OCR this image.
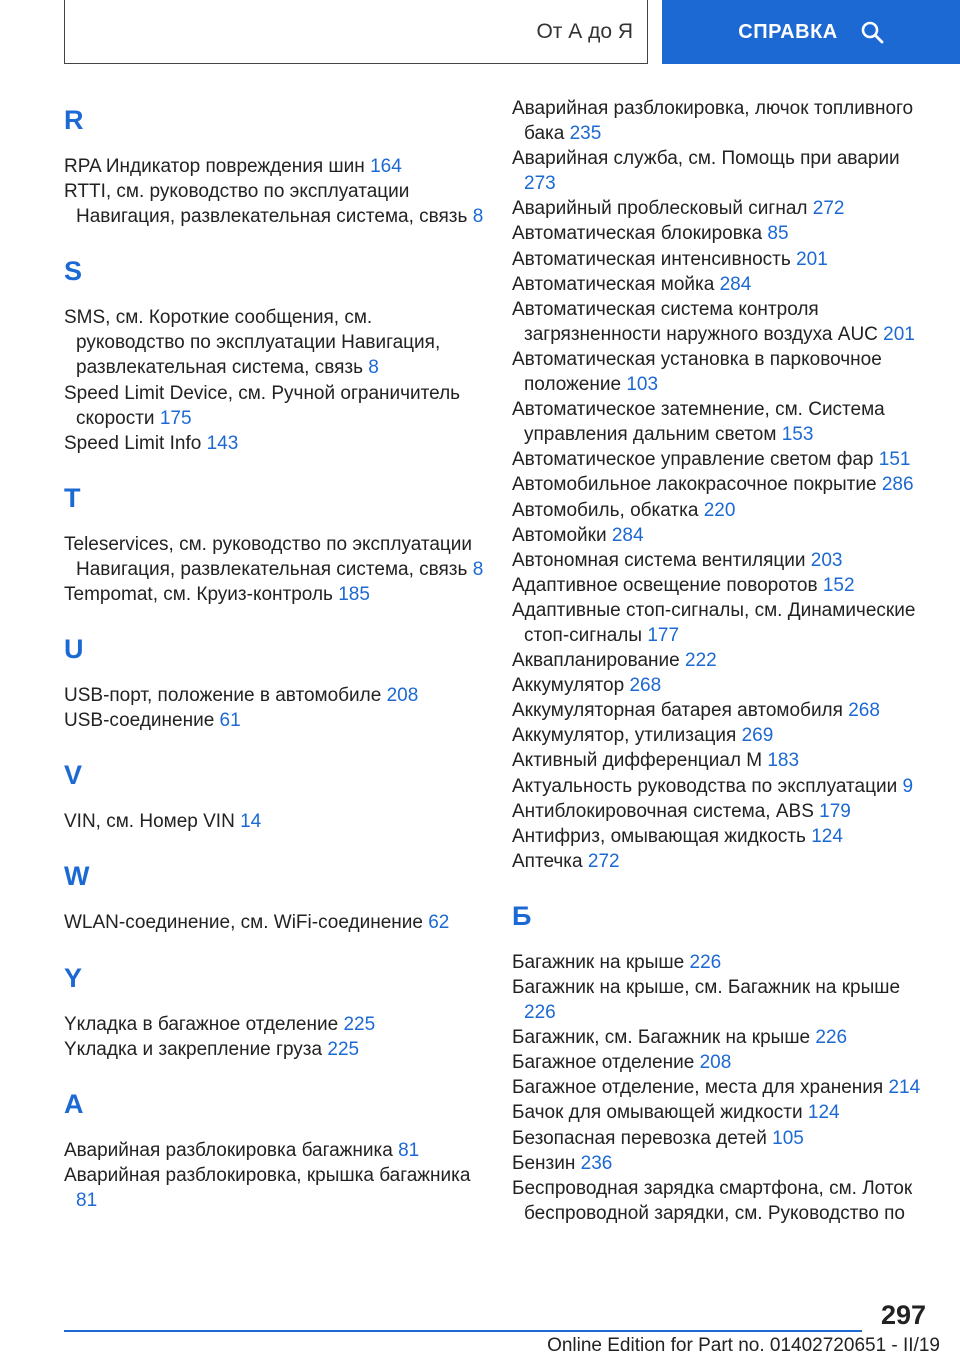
От А до Я	СПРАВКА
R
RPA Индикатор повреждения шин 164
RTTI, см. руководство по эксплуатации Навигация, развлекательная система, связь 8
S
SMS, см. Короткие сообщения, см. руководство по эксплуатации Навигация, развлекательная система, связь 8
Speed Limit Device, см. Ручной ограничитель скорости 175
Speed Limit Info 143
T
Teleservices, см. руководство по эксплуатации Навигация, развлекательная система, связь 8
Tempomat, см. Круиз-контроль 185
U
USB-порт, положение в автомобиле 208
USB-соединение 61
V
VIN, см. Номер VIN 14
W
WLAN-соединение, см. WiFi-соединение 62
Y
Yкладка в багажное отделение 225
Yкладка и закрепление груза 225
А
Аварийная разблокировка багажника 81
Аварийная разблокировка, крышка багажника 81
Аварийная разблокировка, лючок топливного бака 235
Аварийная служба, см. Помощь при аварии 273
Аварийный проблесковый сигнал 272
Автоматическая блокировка 85
Автоматическая интенсивность 201
Автоматическая мойка 284
Автоматическая система контроля загрязненности наружного воздуха AUC 201
Автоматическая установка в парковочное положение 103
Автоматическое затемнение, см. Система управления дальним светом 153
Автоматическое управление светом фар 151
Автомобильное лакокрасочное покрытие 286
Автомобиль, обкатка 220
Автомойки 284
Автономная система вентиляции 203
Адаптивное освещение поворотов 152
Адаптивные стоп-сигналы, см. Динамические стоп-сигналы 177
Аквапланирование 222
Аккумулятор 268
Аккумуляторная батарея автомобиля 268
Аккумулятор, утилизация 269
Активный дифференциал M 183
Актуальность руководства по эксплуатации 9
Антиблокировочная система, ABS 179
Антифриз, омывающая жидкость 124
Аптечка 272
Б
Багажник на крыше 226
Багажник на крыше, см. Багажник на крыше 226
Багажник, см. Багажник на крыше 226
Багажное отделение 208
Багажное отделение, места для хранения 214
Бачок для омывающей жидкости 124
Безопасная перевозка детей 105
Бензин 236
Беспроводная зарядка смартфона, см. Лоток беспроводной зарядки, см. Руководство по
297
Online Edition for Part no. 01402720651 - II/19
